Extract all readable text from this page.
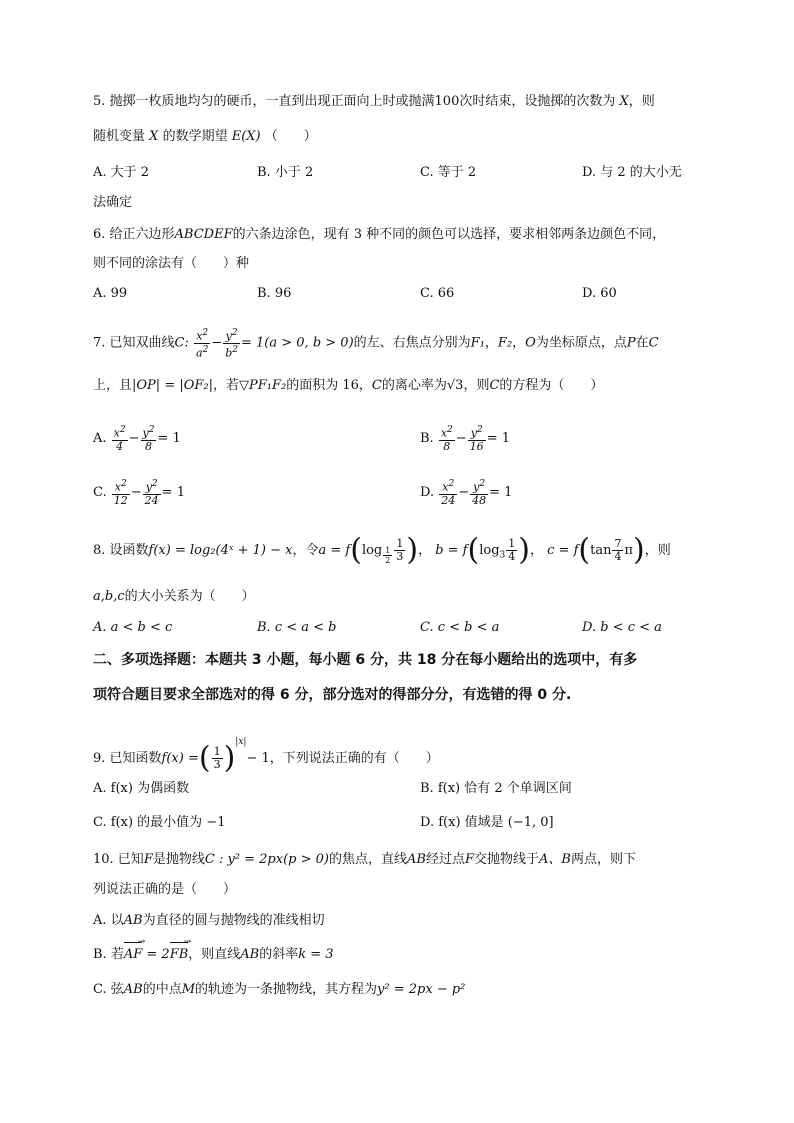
5. 抛掷一枚质地均匀的硬币，一直到出现正面向上时或抛满100次时结束，设抛掷的次数为 X，则
随机变量 X 的数学期望 E(X) （　　）
A. 大于 2	B. 小于 2	C. 等于 2	D. 与 2 的大小无
法确定
6. 给正六边形ABCDEF的六条边涂色，现有 3 种不同的颜色可以选择，要求相邻两条边颜色不同，
则不同的涂法有（　　）种
A. 99	B. 96	C. 66	D. 60
7. 已知双曲线C: $\frac{x^2}{a^2} - \frac{y^2}{b^2} = 1(a > 0$, b > 0)的左、右焦点分别为F₁，F₂，O为坐标原点，点P在C
上，且|OP| = |OF₂|，若▽PF₁F₂的面积为 16，C的离心率为√3，则C的方程为（　　）
A. $\frac{x^2}{4} - \frac{y^2}{8} = 1$	B. $\frac{x^2}{8} - \frac{y^2}{16} = 1$
C. $\frac{x^2}{12} - \frac{y^2}{24} = 1$	D. $\frac{x^2}{24} - \frac{y^2}{48} = 1$
8. 设函数f(x) = log₂(4ˣ + 1) − x，令a = f(log $_{\frac{1}{2}} \frac{1}{3}$ )， $b = f(\log_3 \frac{1}{4}$ )， $c = f(\tan \frac{7}{4} \pi)$，则
a,b,c的大小关系为（　　）
A. a < b < c	B. c < a < b	C. c < b < a	D. b < c < a
二、多项选择题：本题共 3 小题，每小题 6 分，共 18 分在每小题给出的选项中，有多
项符合题目要求全部选对的得 6 分，部分选对的得部分分，有选错的得 0 分.
9. 已知函数f(x) =( $\frac{1}{3} )^{|x|}- 1$，下列说法正确的有（　　）
A. f(x) 为偶函数	B. f(x) 恰有 2 个单调区间
C. f(x) 的最小值为 −1	D. f(x) 值域是 (−1, 0]
10. 已知F是抛物线C : y² = 2px(p > 0)的焦点，直线AB经过点F交抛物线于A、B两点，则下
列说法正确的是（　　）
A. 以AB为直径的圆与抛物线的准线相切
B. 若AF → = 2FB →，则直线AB的斜率k = 3
C. 弦AB的中点M的轨迹为一条抛物线，其方程为y² = 2px − p²
